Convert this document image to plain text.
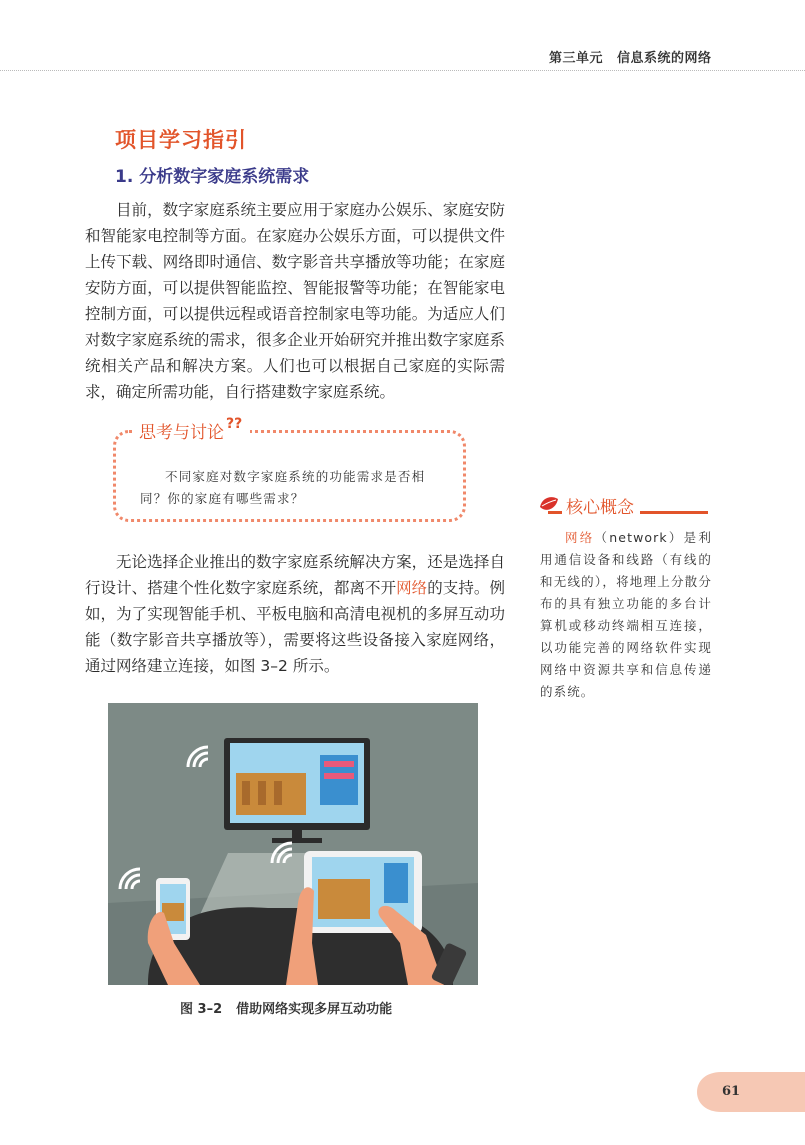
第三单元 信息系统的网络
项目学习指引
1. 分析数字家庭系统需求

目前，数字家庭系统主要应用于家庭办公娱乐、家庭安防和智能家电控制等方面。在家庭办公娱乐方面，可以提供文件上传下载、网络即时通信、数字影音共享播放等功能；在家庭安防方面，可以提供智能监控、智能报警等功能；在智能家电控制方面，可以提供远程或语音控制家电等功能。为适应人们对数字家庭系统的需求，很多企业开始研究并推出数字家庭系统相关产品和解决方案。人们也可以根据自己家庭的实际需求，确定所需功能，自行搭建数字家庭系统。

思考与讨论 ??
不同家庭对数字家庭系统的功能需求是否相同？你的家庭有哪些需求？

无论选择企业推出的数字家庭系统解决方案，还是选择自行设计、搭建个性化数字家庭系统，都离不开网络的支持。例如，为了实现智能手机、平板电脑和高清电视机的多屏互动功能（数字影音共享播放等），需要将这些设备接入家庭网络，通过网络建立连接，如图 3–2 所示。

核心概念
网络（network）是利用通信设备和线路（有线的和无线的），将地理上分散分布的具有独立功能的多台计算机或移动终端相互连接，以功能完善的网络软件实现网络中资源共享和信息传递的系统。
图 3–2 借助网络实现多屏互动功能
61
